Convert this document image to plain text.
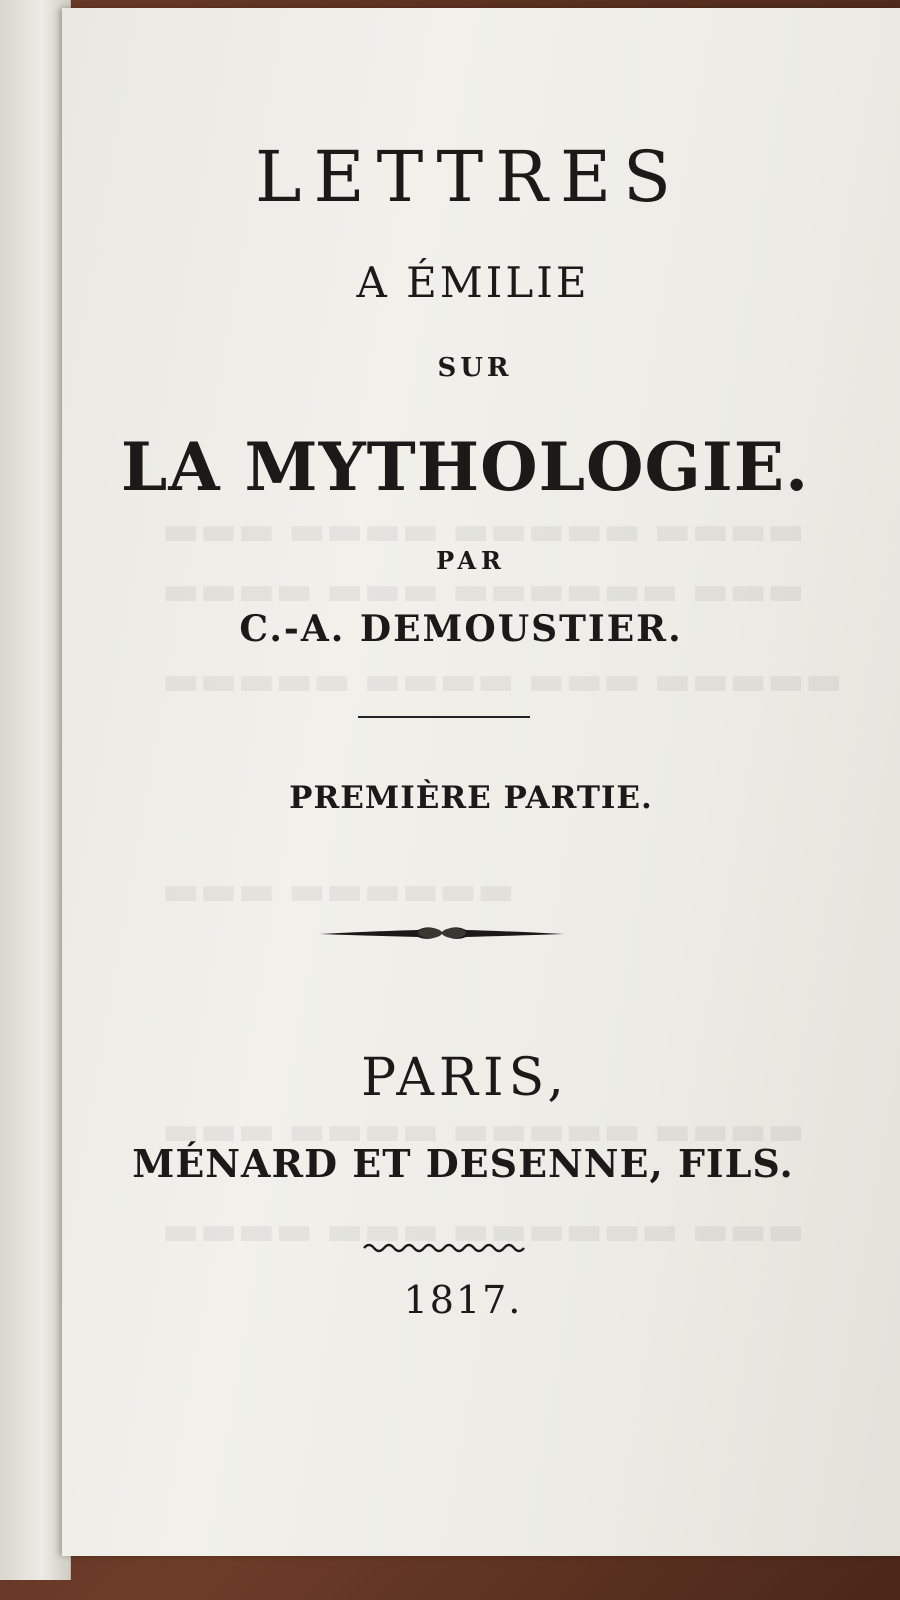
▬▬▬ ▬▬▬▬ ▬▬▬▬▬ ▬▬▬▬
▬▬▬▬ ▬▬▬ ▬▬▬▬▬▬ ▬▬▬
▬▬▬▬▬ ▬▬▬▬ ▬▬▬ ▬▬▬▬▬
▬▬▬ ▬▬▬▬▬▬
▬▬▬ ▬▬▬▬ ▬▬▬▬▬ ▬▬▬▬
▬▬▬▬ ▬▬▬ ▬▬▬▬▬▬ ▬▬▬
LETTRES
A ÉMILIE
SUR
LA MYTHOLOGIE.
PAR
C.-A. DEMOUSTIER.
PREMIÈRE PARTIE.
PARIS,
MÉNARD ET DESENNE, FILS.
1817.
